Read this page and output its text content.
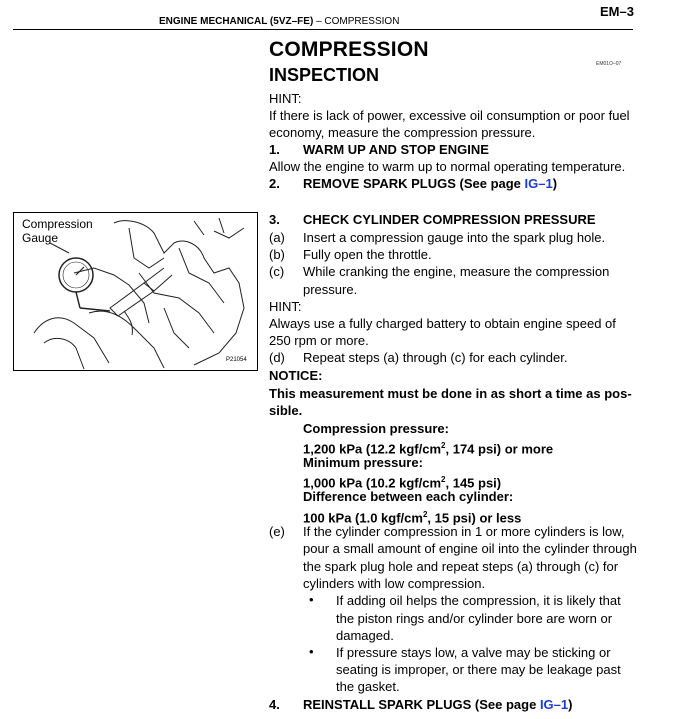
EM–3
ENGINE MECHANICAL (5VZ–FE) – COMPRESSION
COMPRESSION
INSPECTION
EM01O–07
HINT:
If there is lack of power, excessive oil consumption or poor fuel
economy, measure the compression pressure.
1. WARM UP AND STOP ENGINE
Allow the engine to warm up to normal operating temperature.
2. REMOVE SPARK PLUGS (See page IG–1)
Compression
Gauge
P21054
3. CHECK CYLINDER COMPRESSION PRESSURE
(a) Insert a compression gauge into the spark plug hole.
(b) Fully open the throttle.
(c) While cranking the engine, measure the compression
pressure.
HINT:
Always use a fully charged battery to obtain engine speed of
250 rpm or more.
(d) Repeat steps (a) through (c) for each cylinder.
NOTICE:
This measurement must be done in as short a time as pos-
sible.
Compression pressure:
1,200 kPa (12.2 kgf/$cm^2$, 174 psi) or more
Minimum pressure:
1,000 kPa (10.2 kgf/$cm^2$, 145 psi)
Difference between each cylinder:
100 kPa (1.0 kgf/$cm^2$, 15 psi) or less
(e) If the cylinder compression in 1 or more cylinders is low,
pour a small amount of engine oil into the cylinder through
the spark plug hole and repeat steps (a) through (c) for
cylinders with low compression.
• If adding oil helps the compression, it is likely that
the piston rings and/or cylinder bore are worn or
damaged.
• If pressure stays low, a valve may be sticking or
seating is improper, or there may be leakage past
the gasket.
4. REINSTALL SPARK PLUGS (See page IG–1)
